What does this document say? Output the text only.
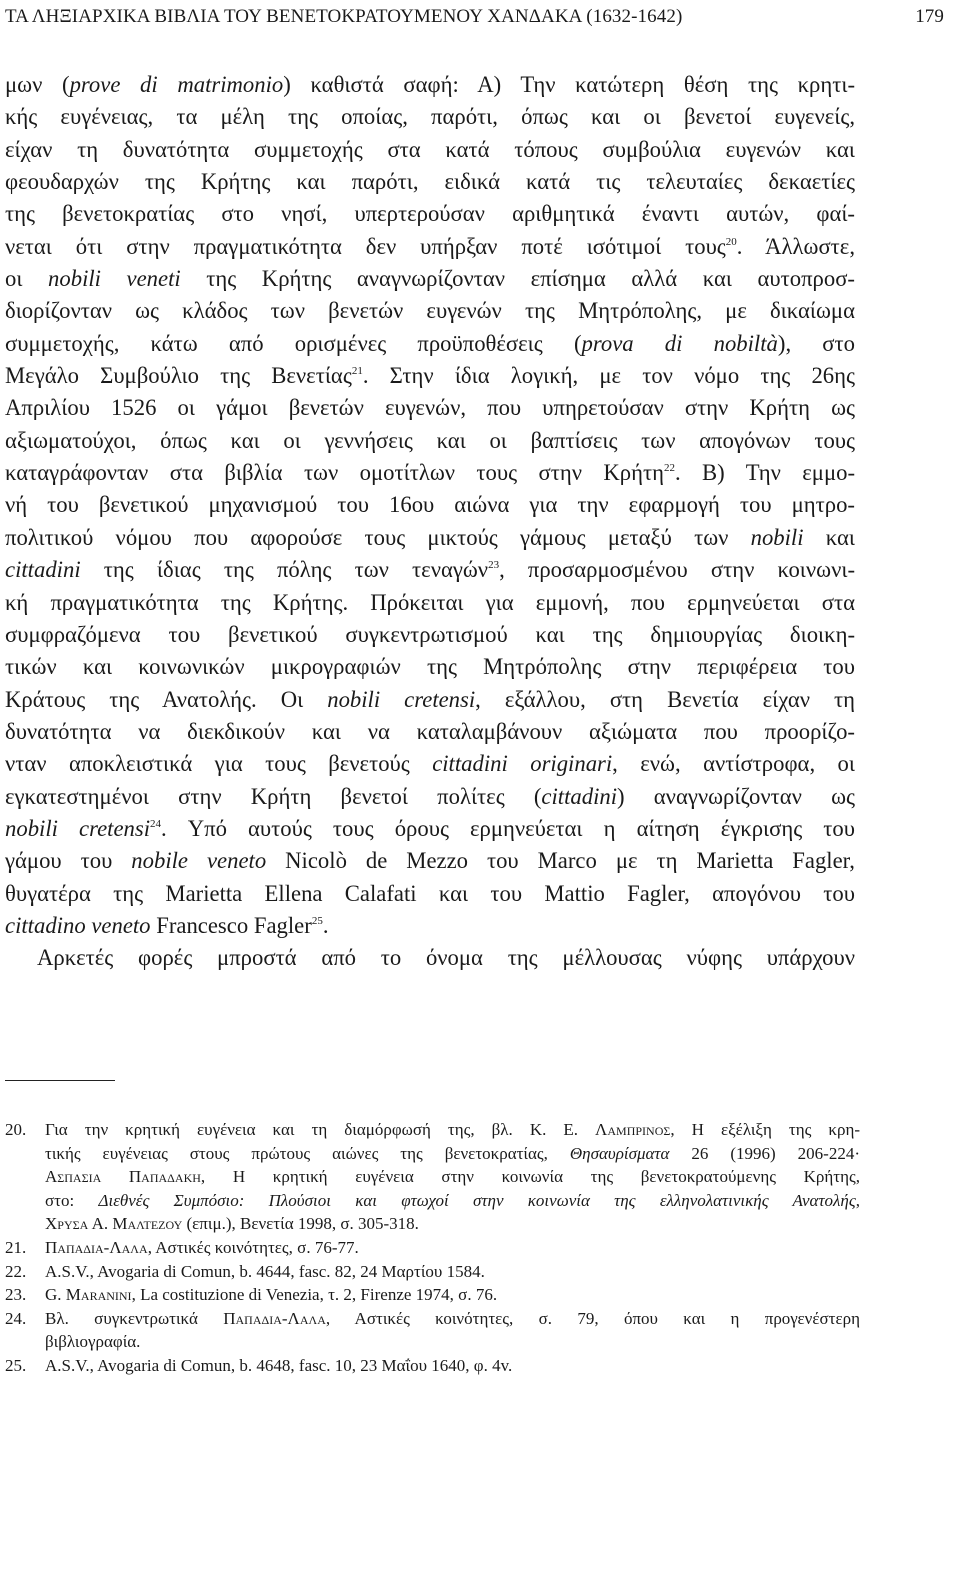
ΤΑ ΛΗΞΙΑΡΧΙΚΑ ΒΙΒΛΙΑ ΤΟΥ ΒΕΝΕΤΟΚΡΑΤΟΥΜΕΝΟΥ ΧΑΝΔΑΚΑ (1632-1642)	179
μων (prove di matrimonio) καθιστά σαφή: Α) Την κατώτερη θέση της κρητι-
κής ευγένειας, τα μέλη της οποίας, παρότι, όπως και οι βενετοί ευγενείς,
είχαν τη δυνατότητα συμμετοχής στα κατά τόπους συμβούλια ευγενών και
φεουδαρχών της Κρήτης και παρότι, ειδικά κατά τις τελευταίες δεκαετίες
της βενετοκρατίας στο νησί, υπερτερούσαν αριθμητικά έναντι αυτών, φαί-
νεται ότι στην πραγματικότητα δεν υπήρξαν ποτέ ισότιμοί τους$^{20}$. Άλλωστε,
οι nobili veneti της Κρήτης αναγνωρίζονταν επίσημα αλλά και αυτοπροσ-
διορίζονταν ως κλάδος των βενετών ευγενών της Μητρόπολης, με δικαίωμα
συμμετοχής, κάτω από ορισμένες προϋποθέσεις (prova di nobiltà), στο
Μεγάλο Συμβούλιο της Βενετίας$^{21}$. Στην ίδια λογική, με τον νόμο της 26ης
Απριλίου 1526 οι γάμοι βενετών ευγενών, που υπηρετούσαν στην Κρήτη ως
αξιωματούχοι, όπως και οι γεννήσεις και οι βαπτίσεις των απογόνων τους
καταγράφονταν στα βιβλία των ομοτίτλων τους στην Κρήτη$^{22}$. Β) Την εμμο-
νή του βενετικού μηχανισμού του 16ου αιώνα για την εφαρμογή του μητρο-
πολιτικού νόμου που αφορούσε τους μικτούς γάμους μεταξύ των nobili και
cittadini της ίδιας της πόλης των τεναγών$^{23}$, προσαρμοσμένου στην κοινωνι-
κή πραγματικότητα της Κρήτης. Πρόκειται για εμμονή, που ερμηνεύεται στα
συμφραζόμενα του βενετικού συγκεντρωτισμού και της δημιουργίας διοικη-
τικών και κοινωνικών μικρογραφιών της Μητρόπολης στην περιφέρεια του
Κράτους της Ανατολής. Οι nobili cretensi, εξάλλου, στη Βενετία είχαν τη
δυνατότητα να διεκδικούν και να καταλαμβάνουν αξιώματα που προορίζο-
νταν αποκλειστικά για τους βενετούς cittadini originari, ενώ, αντίστροφα, οι
εγκατεστημένοι στην Κρήτη βενετοί πολίτες (cittadini) αναγνωρίζονταν ως
nobili cretensi$^{24}$. Υπό αυτούς τους όρους ερμηνεύεται η αίτηση έγκρισης του
γάμου του nobile veneto Nicolò de Mezzo του Marco με τη Marietta Fagler,
θυγατέρα της Marietta Ellena Calafati και του Mattio Fagler, απογόνου του
cittadino veneto Francesco Fagler$^{25}$.
Αρκετές φορές μπροστά από το όνομα της μέλλουσας νύφης υπάρχουν
20.	Για την κρητική ευγένεια και τη διαμόρφωσή της, βλ. Κ. Ε. Λαμπρινος, Η εξέλιξη της κρη-
τικής ευγένειας στους πρώτους αιώνες της βενετοκρατίας, Θησαυρίσματα 26 (1996) 206-224·
Ασπασια Παπαδακη, Η κρητική ευγένεια στην κοινωνία της βενετοκρατούμενης Κρήτης,
στο: Διεθνές Συμπόσιο: Πλούσιοι και φτωχοί στην κοινωνία της ελληνολατινικής Ανατολής,
Χρυσα Α. Μαλτεζου (επιμ.), Βενετία 1998, σ. 305-318.
21.	Παπαδια-Λαλα, Αστικές κοινότητες, σ. 76-77.
22.	A.S.V., Avogaria di Comun, b. 4644, fasc. 82, 24 Μαρτίου 1584.
23.	G. Maranini, La costituzione di Venezia, τ. 2, Firenze 1974, σ. 76.
24.	Βλ. συγκεντρωτικά Παπαδια-Λαλα, Αστικές κοινότητες, σ. 79, όπου και η προγενέστερη
βιβλιογραφία.
25.	A.S.V., Avogaria di Comun, b. 4648, fasc. 10, 23 Μαΐου 1640, φ. 4v.
